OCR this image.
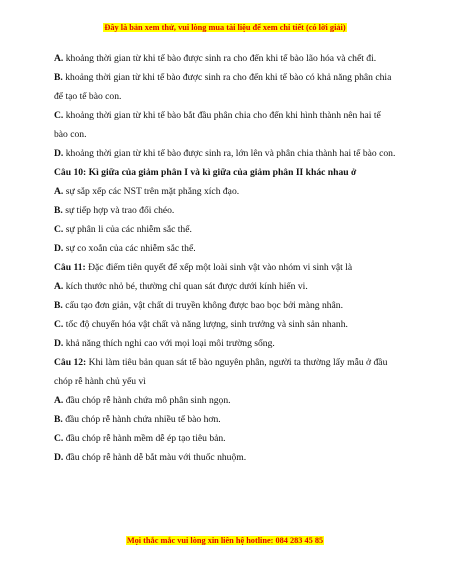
Đây là bản xem thử, vui lòng mua tài liệu để xem chi tiết (có lời giải)

A. khoảng thời gian từ khi tế bào được sinh ra cho đến khi tế bào lão hóa và chết đi.

B. khoảng thời gian từ khi tế bào được sinh ra cho đến khi tế bào có khả năng phân chia để tạo tế bào con.

C. khoảng thời gian từ khi tế bào bắt đầu phân chia cho đến khi hình thành nên hai tế bào con.

D. khoảng thời gian từ khi tế bào được sinh ra, lớn lên và phân chia thành hai tế bào con.

Câu 10: Kì giữa của giảm phân I và kì giữa của giảm phân II khác nhau ở

A. sự sắp xếp các NST trên mặt phẳng xích đạo.

B. sự tiếp hợp và trao đổi chéo.

C. sự phân li của các nhiễm sắc thể.

D. sự co xoắn của các nhiễm sắc thể.

Câu 11: Đặc điểm tiên quyết để xếp một loài sinh vật vào nhóm vi sinh vật là

A. kích thước nhỏ bé, thường chỉ quan sát được dưới kính hiển vi.

B. cấu tạo đơn giản, vật chất di truyền không được bao bọc bởi màng nhân.

C. tốc độ chuyển hóa vật chất và năng lượng, sinh trưởng và sinh sản nhanh.

D. khả năng thích nghi cao với mọi loại môi trường sống.

Câu 12: Khi làm tiêu bản quan sát tế bào nguyên phân, người ta thường lấy mẫu ở đầu chóp rễ hành chủ yếu vì

A. đầu chóp rễ hành chứa mô phân sinh ngọn.

B. đầu chóp rễ hành chứa nhiều tế bào hơn.

C. đầu chóp rễ hành mềm dễ ép tạo tiêu bản.

D. đầu chóp rễ hành dễ bắt màu với thuốc nhuộm.

Mọi thắc mắc vui lòng xin liên hệ hotline: 084 283 45 85
